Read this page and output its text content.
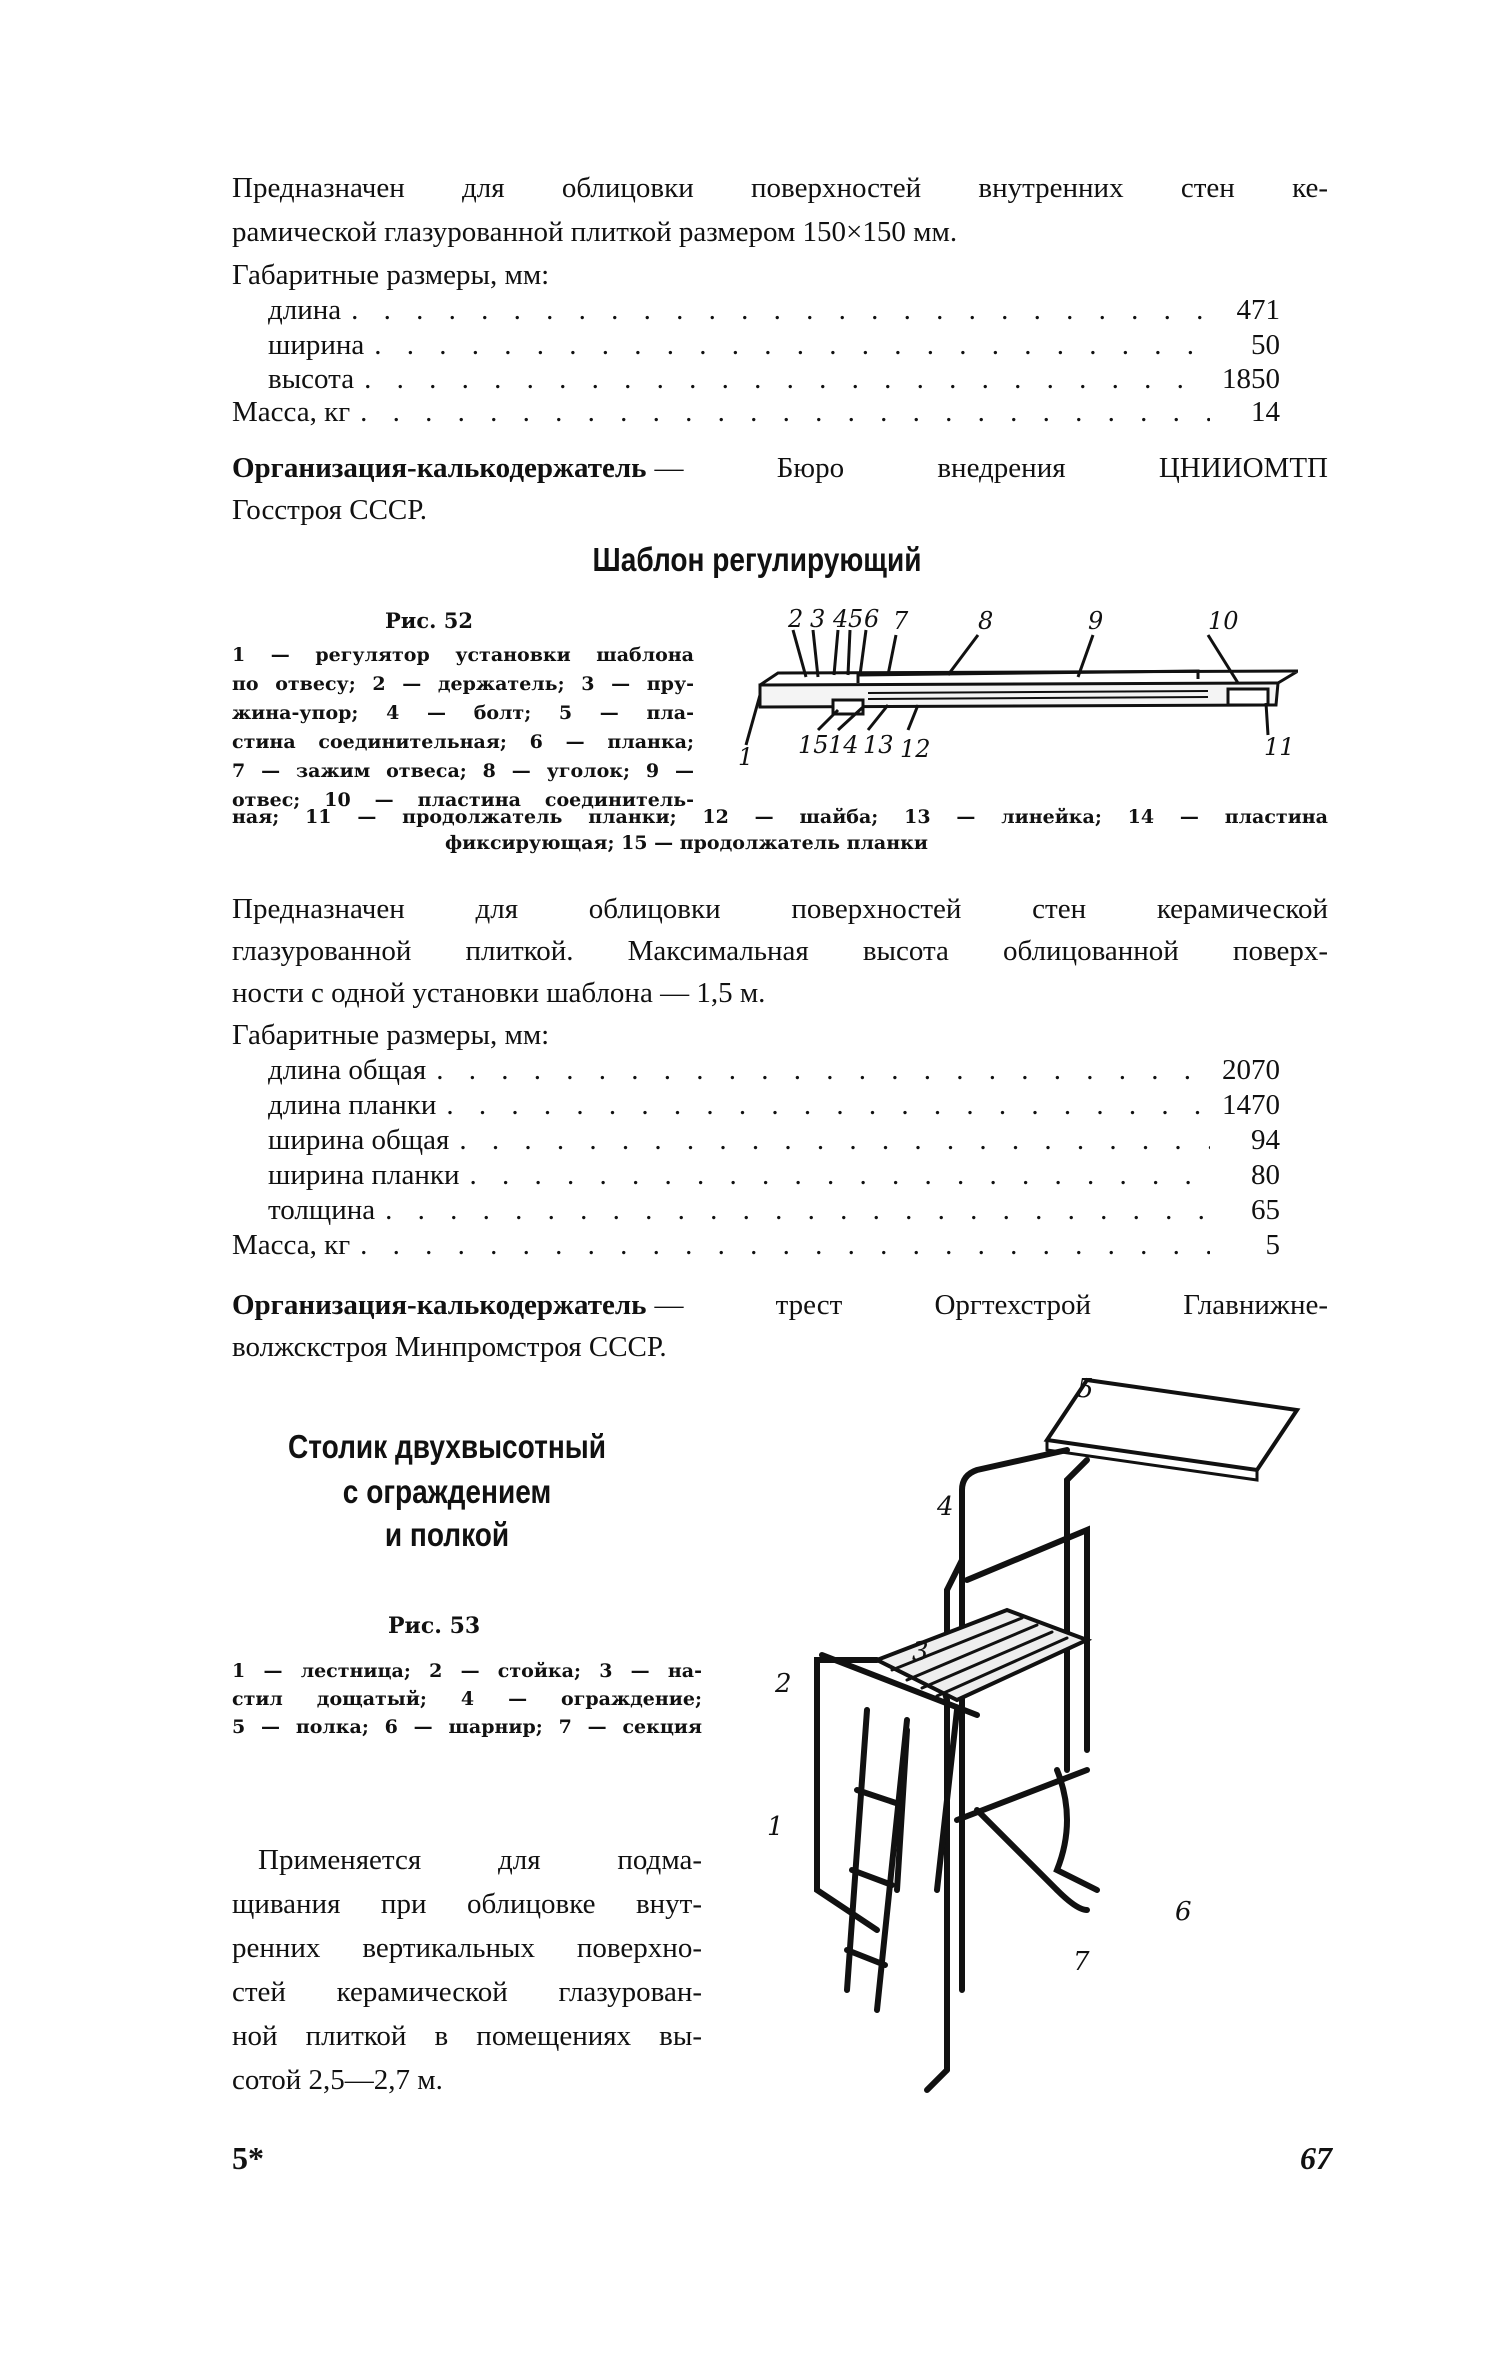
Предназначен для облицовки поверхностей внутренних стен ке-
рамической глазурованной плиткой размером 150×150 мм.
Габаритные размеры, мм:
длина . . .	471
ширина . . .	50
высота . . .	1850
Масса, кг . . .	14
Организация-калькодержатель — Бюро внедрения ЦНИИОМТП
Госстроя СССР.
Шаблон регулирующий
Рис. 52
1 — регулятор установки шаблона
по отвесу; 2 — держатель; 3 — пру-
жина-упор; 4 — болт; 5 — пла-
стина соединительная; 6 — планка;
7 — зажим отвеса; 8 — уголок; 9 —
отвес; 10 — пластина соединитель-
ная; 11 — продолжатель планки; 12 — шайба; 13 — линейка; 14 — пластина
фиксирующая; 15 — продолжатель планки
1
2 3 4 5 6 7	8	9	10
11
12
13
14
15
Предназначен для облицовки поверхностей стен керамической
глазурованной плиткой. Максимальная высота облицованной поверх-
ности с одной установки шаблона — 1,5 м.
Габаритные размеры, мм:
длина общая . . .	2070
длина планки . . .	1470
ширина общая . . .	94
ширина планки . . .	80
толщина . . .	65
Масса, кг . . .	5
Организация-калькодержатель — трест Оргтехстрой Главнижне-
волжскстроя Минпромстроя СССР.
Столик двухвысотный
с ограждением
и полкой
Рис. 53
1 — лестница; 2 — стойка; 3 — на-
стил дощатый; 4 — ограждение;
5 — полка; 6 — шарнир; 7 — секция
Применяется для подма-
щивания при облицовке внут-
ренних вертикальных поверхно-
стей керамической глазурован-
ной плиткой в помещениях вы-
сотой 2,5—2,7 м.
1
2
3
4
5
6
7
5*	67
